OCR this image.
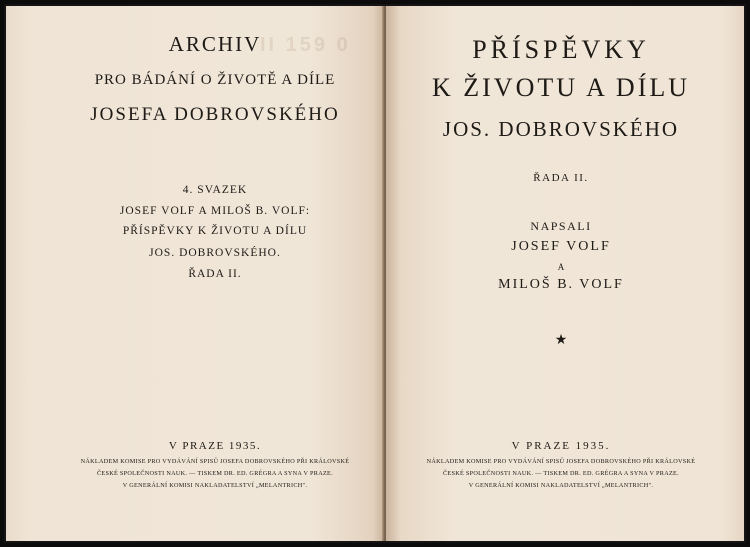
II 159 0
ARCHIV
PRO BÁDÁNÍ O ŽIVOTĚ A DÍLE
JOSEFA DOBROVSKÉHO
4. SVAZEK
JOSEF VOLF A MILOŠ B. VOLF:
PŘÍSPĚVKY K ŽIVOTU A DÍLU
JOS. DOBROVSKÉHO.
ŘADA II.
V PRAZE 1935.
NÁKLADEM KOMISE PRO VYDÁVÁNÍ SPISŮ JOSEFA DOBROVSKÉHO PŘI KRÁLOVSKÉ
ČESKÉ SPOLEČNOSTI NAUK. — TISKEM DR. ED. GRÉGRA A SYNA V PRAZE.
V GENERÁLNÍ KOMISI NAKLADATELSTVÍ „MELANTRICH".
PŘÍSPĚVKY
K ŽIVOTU A DÍLU
JOS. DOBROVSKÉHO
ŘADA II.
NAPSALI
JOSEF VOLF
A
MILOŠ B. VOLF
★
V PRAZE 1935.
NÁKLADEM KOMISE PRO VYDÁVÁNÍ SPISŮ JOSEFA DOBROVSKÉHO PŘI KRÁLOVSKÉ
ČESKÉ SPOLEČNOSTI NAUK. — TISKEM DR. ED. GRÉGRA A SYNA V PRAZE.
V GENERÁLNÍ KOMISI NAKLADATELSTVÍ „MELANTRICH".
